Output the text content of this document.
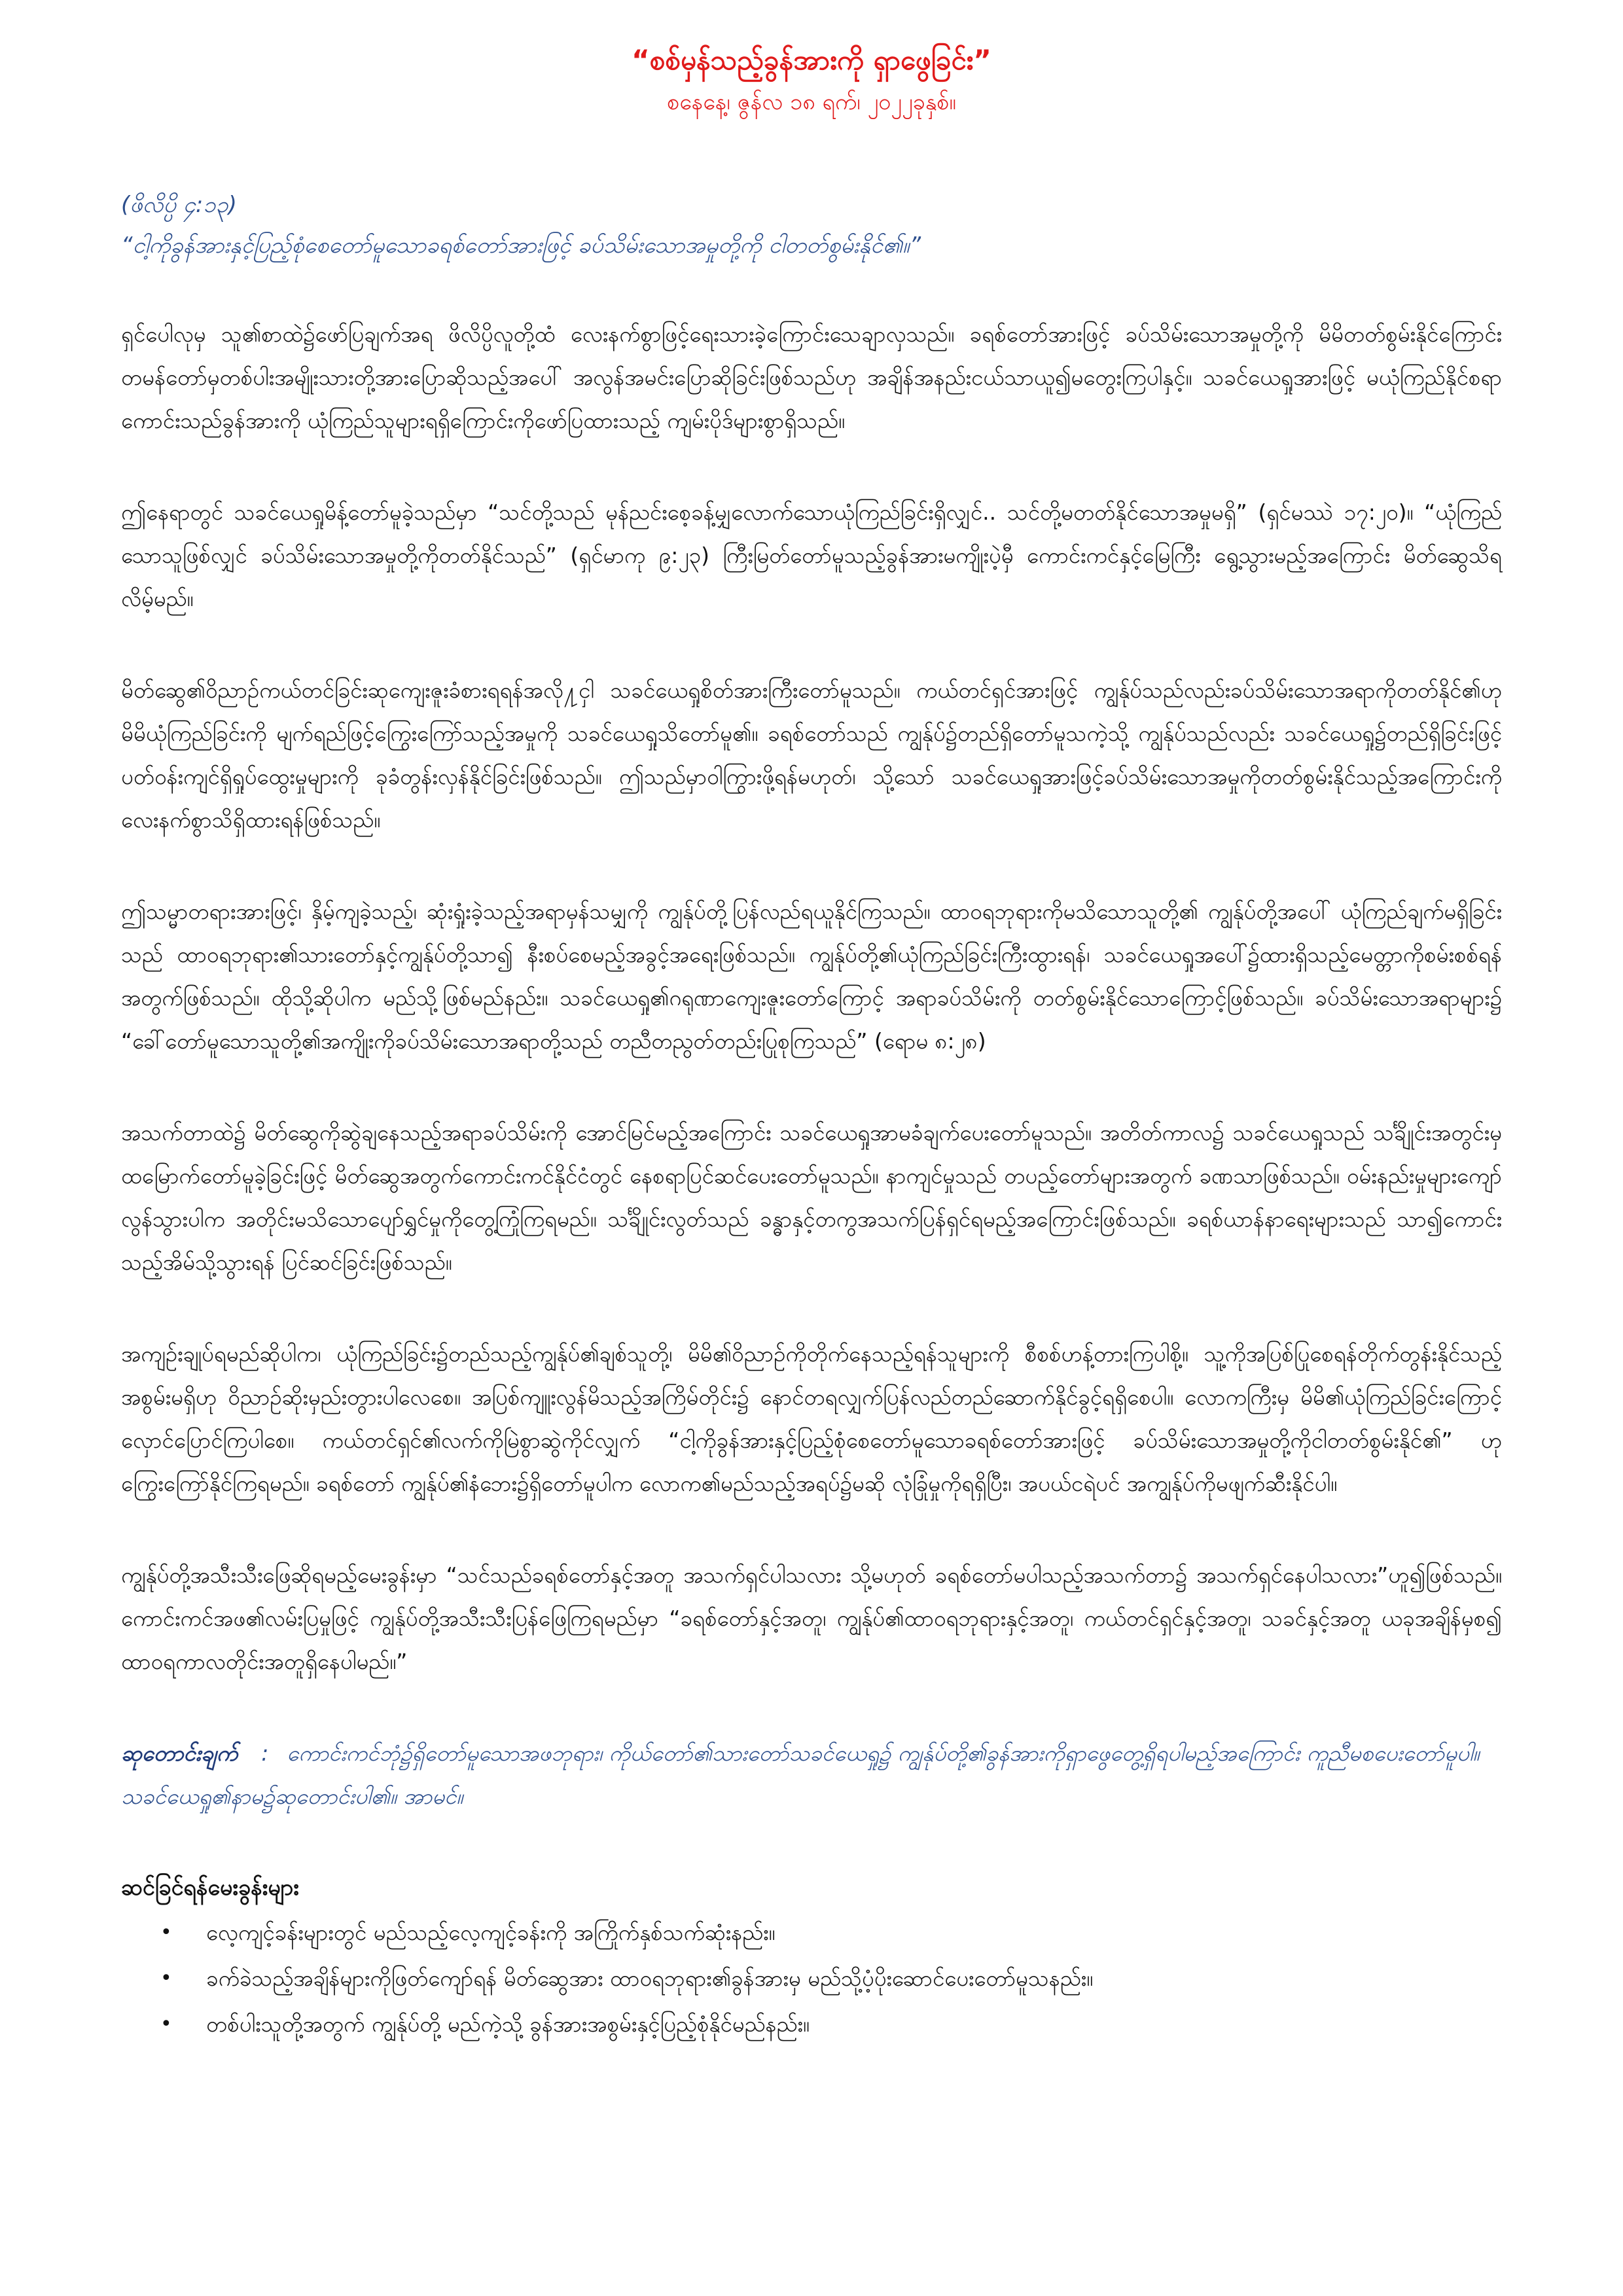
“စစ်မှန်သည့်ခွန်အားကို ရှာဖွေခြင်း”
စနေနေ့၊ ဇွန်လ ၁၈ ရက်၊ ၂၀၂၂ခုနှစ်။
(ဖိလိပ္ပိ ၄:၁၃)
“ငါ့ကိုခွန်အားနှင့်ပြည့်စုံစေတော်မူသောခရစ်တော်အားဖြင့် ခပ်သိမ်းသောအမှုတို့ကို ငါတတ်စွမ်းနိုင်၏။”

ရှင်ပေါလုမှ သူ၏စာထဲ၌ဖော်ပြချက်အရ ဖိလိပ္ပိလူတို့ထံ လေးနက်စွာဖြင့်ရေးသားခဲ့ကြောင်းသေချာလှသည်။ ခရစ်တော်အားဖြင့် ခပ်သိမ်းသောအမှုတို့ကို မိမိတတ်စွမ်းနိုင်ကြောင်း တမန်တော်မှတစ်ပါးအမျိုးသားတို့အားပြောဆိုသည့်အပေါ် အလွန်အမင်းပြောဆိုခြင်းဖြစ်သည်ဟု အချိန်အနည်းငယ်သာယူ၍မတွေးကြပါနှင့်။ သခင်ယေရှုအားဖြင့် မယုံကြည်နိုင်စရာကောင်းသည်ခွန်အားကို ယုံကြည်သူများရရှိကြောင်းကိုဖော်ပြထားသည့် ကျမ်းပိုဒ်များစွာရှိသည်။

ဤနေရာတွင် သခင်ယေရှုမိန့်တော်မူခဲ့သည်မှာ “သင်တို့သည် မုန်ညင်းစေ့ခန့်မျှလောက်သောယုံကြည်ခြင်းရှိလျှင်.. သင်တို့မတတ်နိုင်သောအမှုမရှိ” (ရှင်မဿဲ ၁၇:၂၀)။ “ယုံကြည်သောသူဖြစ်လျှင် ခပ်သိမ်းသောအမှုတို့ကိုတတ်နိုင်သည်” (ရှင်မာကု ၉:၂၃) ကြီးမြတ်တော်မူသည့်ခွန်အားမကျိုးပဲ့မှီ ကောင်းကင်နှင့်မြေကြီး ရွေ့သွားမည့်အကြောင်း မိတ်ဆွေသိရလိမ့်မည်။

မိတ်ဆွေ၏ဝိညာဉ်ကယ်တင်ခြင်းဆုကျေးဇူးခံစားရရန်အလို႔ငှါ သခင်ယေရှုစိတ်အားကြီးတော်မူသည်။ ကယ်တင်ရှင်အားဖြင့် ကျွန်ုပ်သည်လည်းခပ်သိမ်းသောအရာကိုတတ်နိုင်၏ဟု မိမိယုံကြည်ခြင်းကို မျက်ရည်ဖြင့်ကြွေးကြော်သည့်အမှုကို သခင်ယေရှုသိတော်မူ၏။ ခရစ်တော်သည် ကျွန်ုပ်၌တည်ရှိတော်မူသကဲ့သို့ ကျွန်ုပ်သည်လည်း သခင်ယေရှု၌တည်ရှိခြင်းဖြင့် ပတ်ဝန်းကျင်ရှိရှုပ်ထွေးမှုများကို ခုခံတွန်းလှန်နိုင်ခြင်းဖြစ်သည်။ ဤသည်မှာဝါကြွားဖို့ရန်မဟုတ်၊ သို့သော် သခင်ယေရှုအားဖြင့်ခပ်သိမ်းသောအမှုကိုတတ်စွမ်းနိုင်သည့်အကြောင်းကို လေးနက်စွာသိရှိထားရန်ဖြစ်သည်။

ဤသမ္မာတရားအားဖြင့်၊ နှိမ့်ကျခဲ့သည့်၊ ဆုံးရှုံးခဲ့သည့်အရာမှန်သမျှကို ကျွန်ုပ်တို့ပြန်လည်ရယူနိုင်ကြသည်။ ထာဝရဘုရားကိုမသိသောသူတို့၏ ကျွန်ုပ်တို့အပေါ် ယုံကြည်ချက်မရှိခြင်းသည် ထာဝရဘုရား၏သားတော်နှင့်ကျွန်ုပ်တို့သာ၍ နီးစပ်စေမည့်အခွင့်အရေးဖြစ်သည်။ ကျွန်ုပ်တို့၏ယုံကြည်ခြင်းကြီးထွားရန်၊ သခင်ယေရှုအပေါ်၌ထားရှိသည့်မေတ္တာကိုစမ်းစစ်ရန်အတွက်ဖြစ်သည်။ ထိုသို့ဆိုပါက မည်သို့ဖြစ်မည်နည်း။ သခင်ယေရှု၏ဂရုဏာကျေးဇူးတော်ကြောင့် အရာခပ်သိမ်းကို တတ်စွမ်းနိုင်သောကြောင့်ဖြစ်သည်။ ခပ်သိမ်းသောအရာများ၌ “ခေါ်တော်မူသောသူတို့၏အကျိုးကိုခပ်သိမ်းသောအရာတို့သည် တညီတညွတ်တည်းပြုစုကြသည်” (ရောမ ၈:၂၈)

အသက်တာထဲ၌ မိတ်ဆွေကိုဆွဲချနေသည့်အရာခပ်သိမ်းကို အောင်မြင်မည့်အကြောင်း သခင်ယေရှုအာမခံချက်ပေးတော်မူသည်။ အတိတ်ကာလ၌ သခင်ယေရှုသည် သင်္ချိုင်းအတွင်းမှထမြောက်တော်မူခဲ့ခြင်းဖြင့် မိတ်ဆွေအတွက်ကောင်းကင်နိုင်ငံတွင် နေစရာပြင်ဆင်ပေးတော်မူသည်။ နာကျင်မှုသည် တပည့်တော်များအတွက် ခဏသာဖြစ်သည်။ ဝမ်းနည်းမှုများကျော်လွန်သွားပါက အတိုင်းမသိသောပျော်ရွှင်မှုကိုတွေ့ကြုံကြရမည်။ သင်္ချိုင်းလွတ်သည် ခန္ဓာနှင့်တကွအသက်ပြန်ရှင်ရမည့်အကြောင်းဖြစ်သည်။ ခရစ်ယာန်နာရေးများသည် သာ၍ကောင်းသည့်အိမ်သို့သွားရန် ပြင်ဆင်ခြင်းဖြစ်သည်။

အကျဉ်းချုပ်ရမည်ဆိုပါက၊ ယုံကြည်ခြင်း၌တည်သည့်ကျွန်ုပ်၏ချစ်သူတို့၊ မိမိ၏ဝိညာဉ်ကိုတိုက်နေသည့်ရန်သူများကို စီစစ်ဟန့်တားကြပါစို့။ သူ့ကိုအပြစ်ပြုစေရန်တိုက်တွန်းနိုင်သည့်အစွမ်းမရှိဟု ဝိညာဉ်ဆိုးမှည်းတွားပါလေစေ။ အပြစ်ကျူးလွန်မိသည့်အကြိမ်တိုင်း၌ နောင်တရလျှက်ပြန်လည်တည်ဆောက်နိုင်ခွင့်ရရှိစေပါ။ လောကကြီးမှ မိမိ၏ယုံကြည်ခြင်းကြောင့် လှောင်ပြောင်ကြပါစေ။ ကယ်တင်ရှင်၏လက်ကိုမြဲစွာဆွဲကိုင်လျှက် “ငါ့ကိုခွန်အားနှင့်ပြည့်စုံစေတော်မူသောခရစ်တော်အားဖြင့် ခပ်သိမ်းသောအမှုတို့ကိုငါတတ်စွမ်းနိုင်၏” ဟုကြွေးကြော်နိုင်ကြရမည်။ ခရစ်တော် ကျွန်ုပ်၏နံဘေး၌ရှိတော်မူပါက လောက၏မည်သည့်အရပ်၌မဆို လုံခြုံမှုကိုရရှိပြီး၊ အပယ်ငရဲပင် အကျွန်ုပ်ကိုမဖျက်ဆီးနိုင်ပါ။

ကျွန်ုပ်တို့အသီးသီးဖြေဆိုရမည့်မေးခွန်းမှာ “သင်သည်ခရစ်တော်နှင့်အတူ အသက်ရှင်ပါသလား သို့မဟုတ် ခရစ်တော်မပါသည့်အသက်တာ၌ အသက်ရှင်နေပါသလား”ဟူ၍ဖြစ်သည်။ ကောင်းကင်အဖ၏လမ်းပြမှုဖြင့် ကျွန်ုပ်တို့အသီးသီးပြန်ဖြေကြရမည်မှာ “ခရစ်တော်နှင့်အတူ၊ ကျွန်ုပ်၏ထာဝရဘုရားနှင့်အတူ၊ ကယ်တင်ရှင်နှင့်အတူ၊ သခင်နှင့်အတူ ယခုအချိန်မှစ၍ ထာဝရကာလတိုင်းအတူရှိနေပါမည်။”

ဆုတောင်းချက် : ကောင်းကင်ဘုံ၌ရှိတော်မူသောအဖဘုရား၊ ကိုယ်တော်၏သားတော်သခင်ယေရှု၌ ကျွန်ုပ်တို့၏ခွန်အားကိုရှာဖွေတွေ့ရှိရပါမည့်အကြောင်း ကူညီမစပေးတော်မူပါ။ သခင်ယေရှု၏နာမ၌ဆုတောင်းပါ၏။ အာမင်။
ဆင်ခြင်ရန်မေးခွန်းများ
• လေ့ကျင့်ခန်းများတွင် မည်သည့်လေ့ကျင့်ခန်းကို အကြိုက်နှစ်သက်ဆုံးနည်း။
• ခက်ခဲသည့်အချိန်များကိုဖြတ်ကျော်ရန် မိတ်ဆွေအား ထာဝရဘုရား၏ခွန်အားမှ မည်သို့ပံ့ပိုးဆောင်ပေးတော်မူသနည်း။
• တစ်ပါးသူတို့အတွက် ကျွန်ုပ်တို့ မည်ကဲ့သို့ ခွန်အားအစွမ်းနှင့်ပြည့်စုံနိုင်မည်နည်း။
